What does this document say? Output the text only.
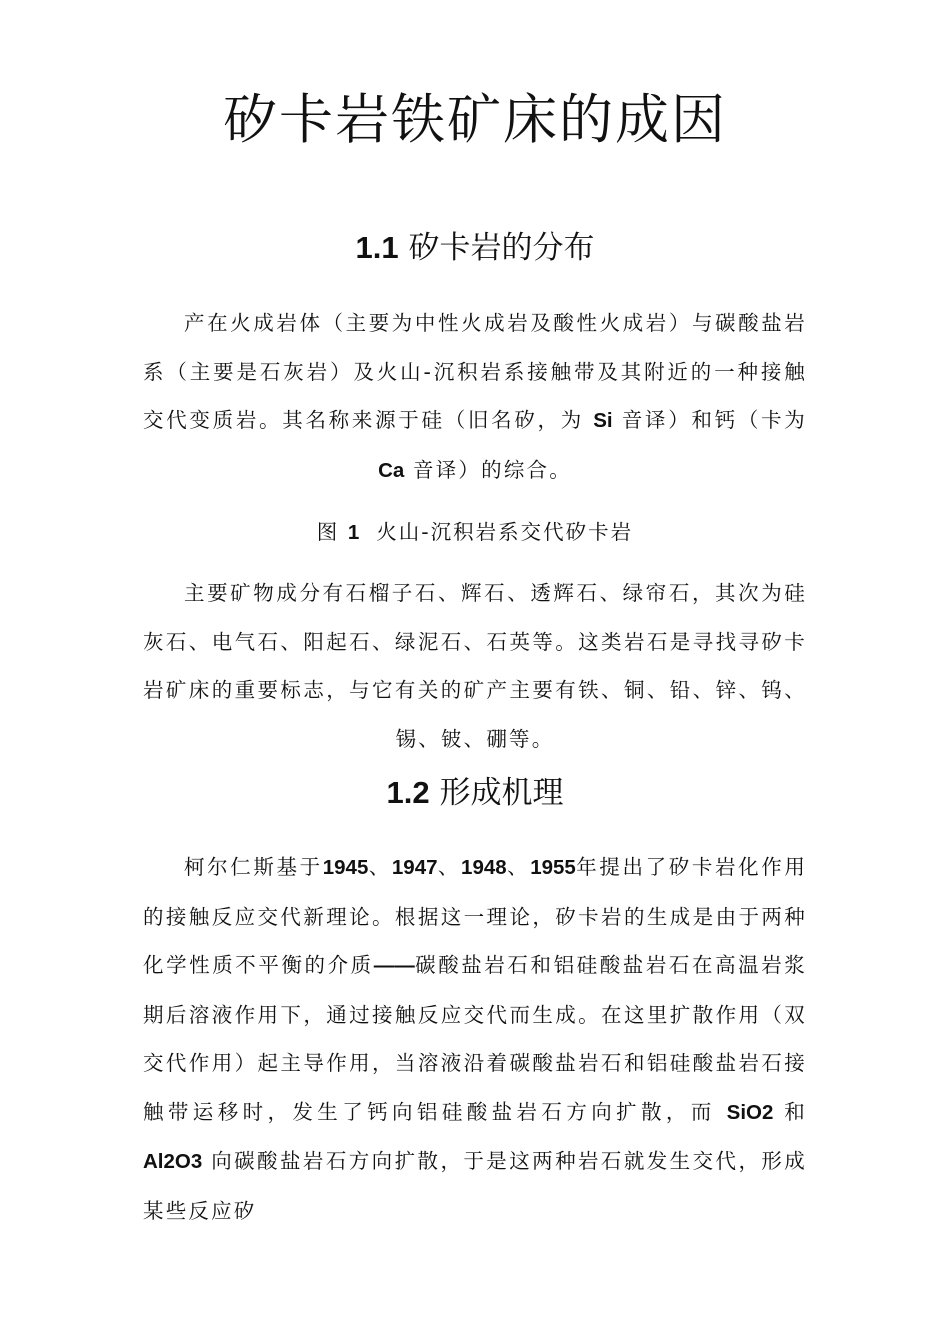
矽卡岩铁矿床的成因
1.1 矽卡岩的分布

产在火成岩体（主要为中性火成岩及酸性火成岩）与碳酸盐岩系（主要是石灰岩）及火山-沉积岩系接触带及其附近的一种接触交代变质岩。其名称来源于硅（旧名矽，为 Si 音译）和钙（卡为 Ca 音译）的综合。

图 1 火山-沉积岩系交代矽卡岩

主要矿物成分有石榴子石、辉石、透辉石、绿帘石，其次为硅灰石、电气石、阳起石、绿泥石、石英等。这类岩石是寻找寻矽卡岩矿床的重要标志，与它有关的矿产主要有铁、铜、铅、锌、钨、锡、铍、硼等。

1.2 形成机理

柯尔仁斯基于1945、1947、1948、1955年提出了矽卡岩化作用的接触反应交代新理论。根据这一理论，矽卡岩的生成是由于两种化学性质不平衡的介质——碳酸盐岩石和铝硅酸盐岩石在高温岩浆期后溶液作用下，通过接触反应交代而生成。在这里扩散作用（双交代作用）起主导作用，当溶液沿着碳酸盐岩石和铝硅酸盐岩石接触带运移时，发生了钙向铝硅酸盐岩石方向扩散，而 SiO2 和 Al2O3 向碳酸盐岩石方向扩散，于是这两种岩石就发生交代，形成某些反应矽
